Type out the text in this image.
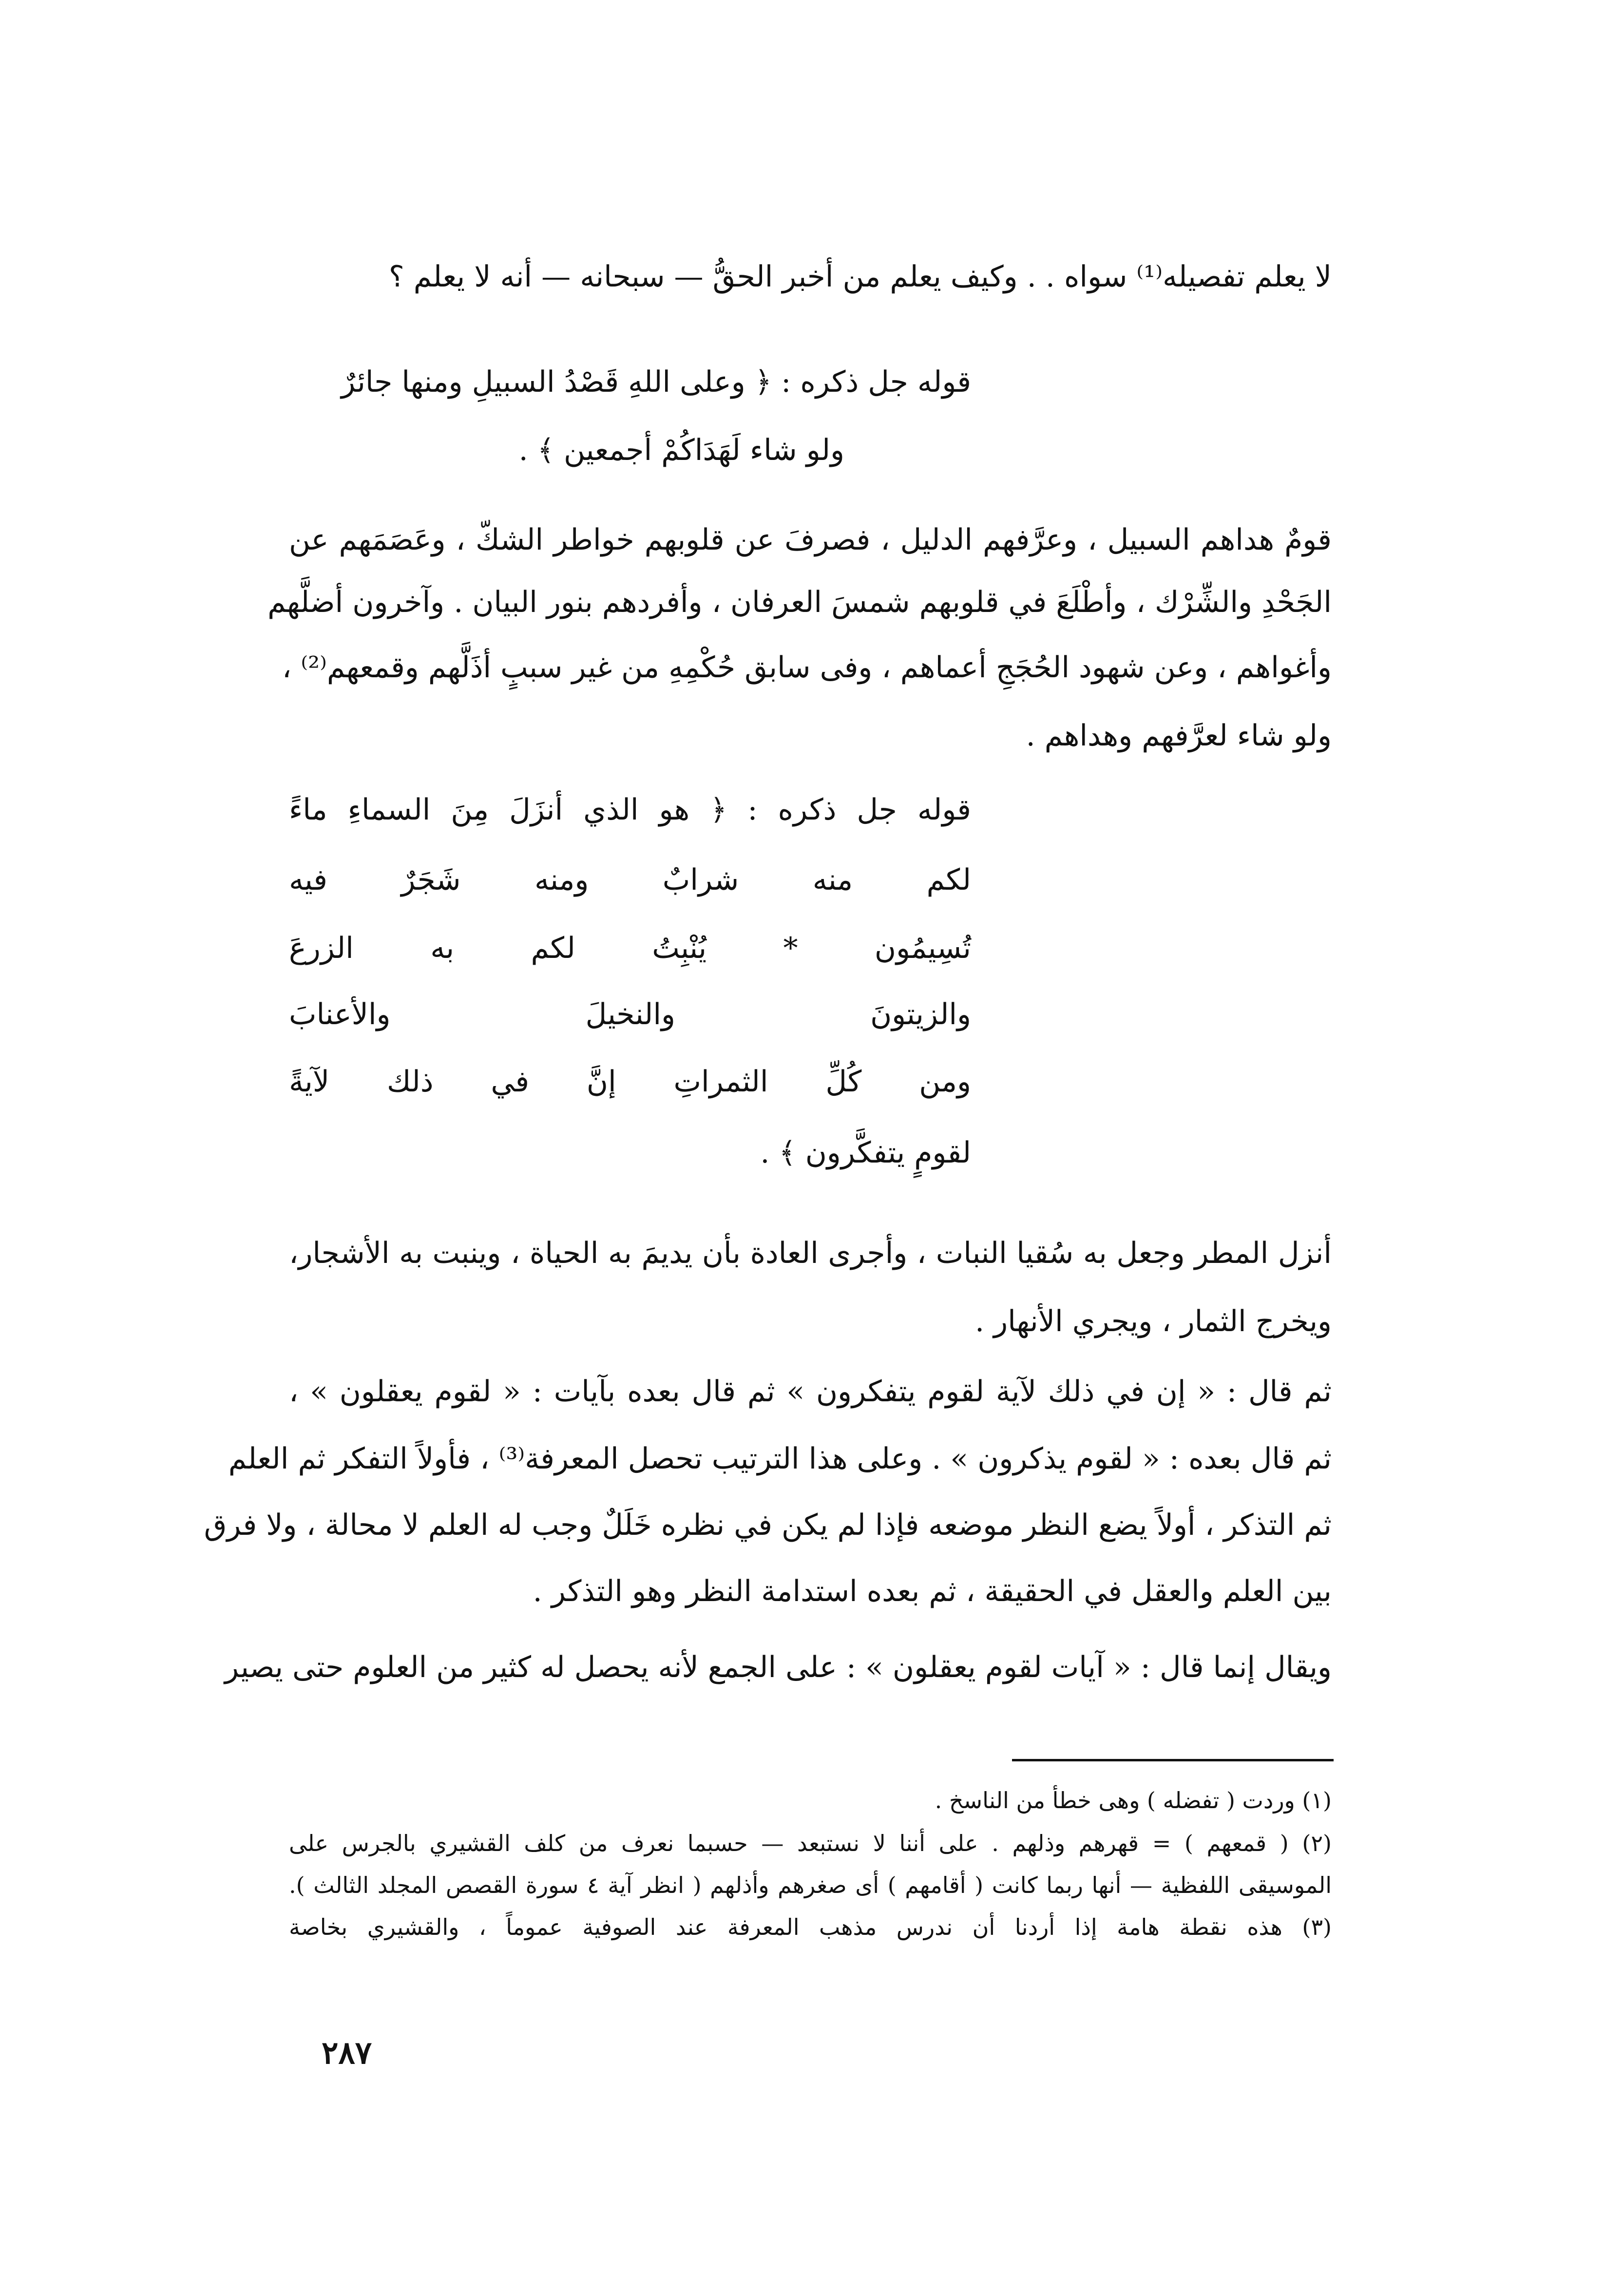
لا يعلم تفصيله⁽¹⁾ سواه . . وكيف يعلم من أخبر الحقُّ — سبحانه — أنه لا يعلم ؟
قوله جل ذكره : ﴿ وعلى اللهِ قَصْدُ السبيلِ ومنها جائرٌ
ولو شاء لَهَدَاكُمْ أجمعين ﴾ .
قومٌ هداهم السبيل ، وعرَّفهم الدليل ، فصرفَ عن قلوبهم خواطر الشكّ ، وعَصَمَهم عن
الجَحْدِ والشِّرْك ، وأطْلَعَ في قلوبهم شمسَ العرفان ، وأفردهم بنور البيان . وآخرون أضلَّهم
وأغواهم ، وعن شهود الحُجَجِ أعماهم ، وفى سابق حُكْمِهِ من غير سببٍ أذَلَّهم وقمعهم⁽²⁾ ،
ولو شاء لعرَّفهم وهداهم .
قوله جل ذكره : ﴿ هو الذي أنزَلَ مِنَ السماءِ ماءً
لكم منه شرابٌ ومنه شَجَرٌ فيه
تُسِيمُون * يُنْبِتُ لكم به الزرعَ
والزيتونَ والنخيلَ والأعنابَ
ومن كُلِّ الثمراتِ إنَّ في ذلك لآيةً
لقومٍ يتفكَّرون ﴾ .
أنزل المطر وجعل به سُقيا النبات ، وأجرى العادة بأن يديمَ به الحياة ، وينبت به الأشجار،
ويخرج الثمار ، ويجري الأنهار .
ثم قال : « إن في ذلك لآية لقوم يتفكرون » ثم قال بعده بآيات : « لقوم يعقلون » ،
ثم قال بعده : « لقوم يذكرون » . وعلى هذا الترتيب تحصل المعرفة⁽³⁾ ، فأولاً التفكر ثم العلم
ثم التذكر ، أولاً يضع النظر موضعه فإذا لم يكن في نظره خَلَلٌ وجب له العلم لا محالة ، ولا فرق
بين العلم والعقل في الحقيقة ، ثم بعده استدامة النظر وهو التذكر .
ويقال إنما قال : « آيات لقوم يعقلون » : على الجمع لأنه يحصل له كثير من العلوم حتى يصير
(١) وردت ( تفضله ) وهى خطأ من الناسخ .
(٢) ( قمعهم ) = قهرهم وذلهم . على أننا لا نستبعد — حسبما نعرف من كلف القشيري بالجرس على
الموسيقى اللفظية — أنها ربما كانت ( أقامهم ) أى صغرهم وأذلهم ( انظر آية ٤ سورة القصص المجلد الثالث ).
(٣) هذه نقطة هامة إذا أردنا أن ندرس مذهب المعرفة عند الصوفية عموماً ، والقشيري بخاصة
٢٨٧
